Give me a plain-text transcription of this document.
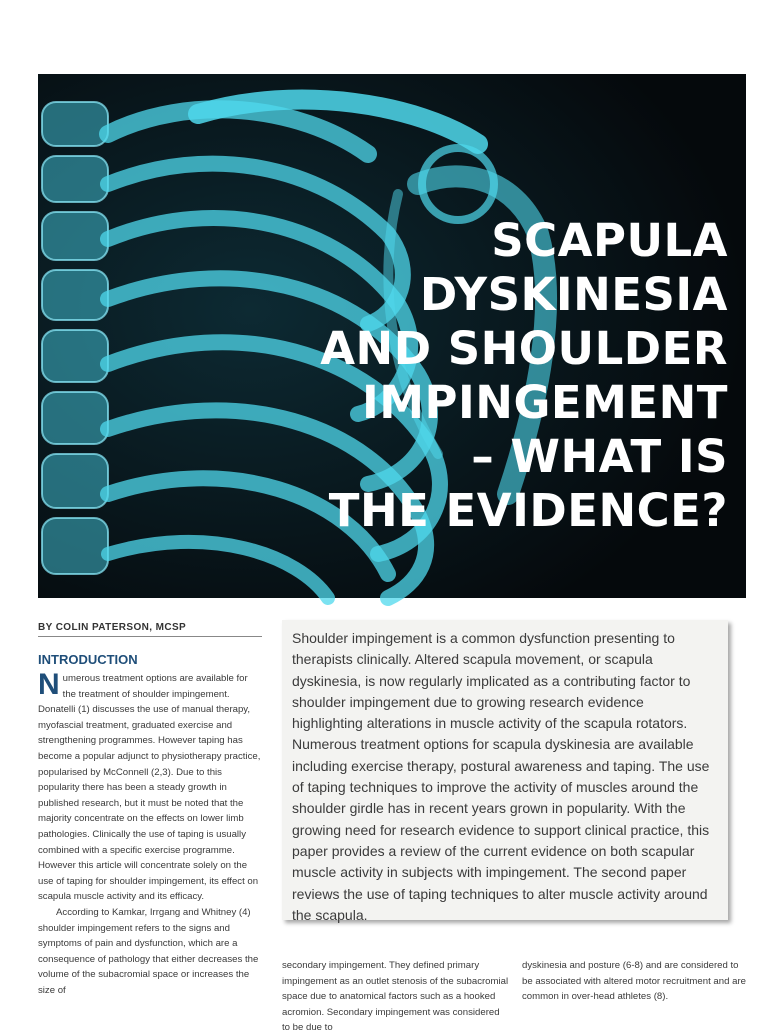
SCAPULA
DYSKINESIA
AND SHOULDER
IMPINGEMENT
– WHAT IS
THE EVIDENCE?
BY COLIN PATERSON, MCSP
INTRODUCTION

Numerous treatment options are available for the treatment of shoulder impingement. Donatelli (1) discusses the use of manual therapy, myofascial treatment, graduated exercise and strengthening programmes. However taping has become a popular adjunct to physiotherapy practice, popularised by McConnell (2,3). Due to this popularity there has been a steady growth in published research, but it must be noted that the majority concentrate on the effects on lower limb pathologies. Clinically the use of taping is usually combined with a specific exercise programme. However this article will concentrate solely on the use of taping for shoulder impingement, its effect on scapula muscle activity and its efficacy.

According to Kamkar, Irrgang and Whitney (4) shoulder impingement refers to the signs and symptoms of pain and dysfunction, which are a consequence of pathology that either decreases the volume of the subacromial space or increases the size of

Shoulder impingement is a common dysfunction presenting to therapists clinically. Altered scapula movement, or scapula dyskinesia, is now regularly implicated as a contributing factor to shoulder impingement due to growing research evidence highlighting alterations in muscle activity of the scapula rotators. Numerous treatment options for scapula dyskinesia are available including exercise therapy, postural awareness and taping. The use of taping techniques to improve the activity of muscles around the shoulder girdle has in recent years grown in popularity. With the growing need for research evidence to support clinical practice, this paper provides a review of the current evidence on both scapular muscle activity in subjects with impingement. The second paper reviews the use of taping techniques to alter muscle activity around the scapula.

secondary impingement. They defined primary impingement as an outlet stenosis of the subacromial space due to anatomical factors such as a hooked acromion. Secondary impingement was considered to be due to

dyskinesia and posture (6-8) and are considered to be associated with altered motor recruitment and are common in over-head athletes (8).
